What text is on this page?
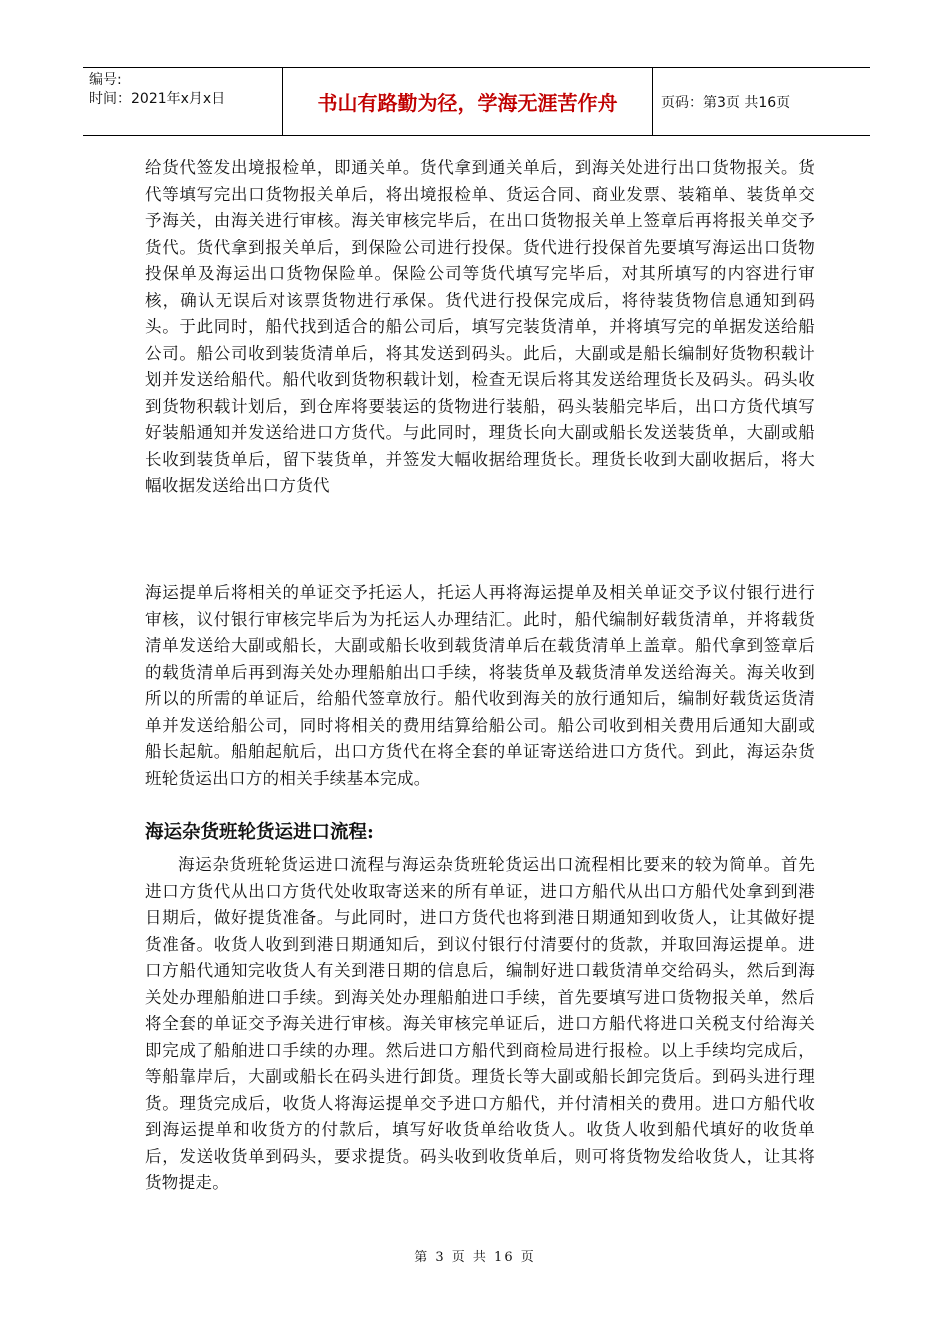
编号:
时间：2021年x月x日	书山有路勤为径，学海无涯苦作舟	页码：第3页 共16页

给货代签发出境报检单，即通关单。货代拿到通关单后，到海关处进行出口货物报关。货代等填写完出口货物报关单后，将出境报检单、货运合同、商业发票、装箱单、装货单交予海关，由海关进行审核。海关审核完毕后，在出口货物报关单上签章后再将报关单交予货代。货代拿到报关单后，到保险公司进行投保。货代进行投保首先要填写海运出口货物投保单及海运出口货物保险单。保险公司等货代填写完毕后，对其所填写的内容进行审核，确认无误后对该票货物进行承保。货代进行投保完成后，将待装货物信息通知到码头。于此同时，船代找到适合的船公司后，填写完装货清单，并将填写完的单据发送给船公司。船公司收到装货清单后，将其发送到码头。此后，大副或是船长编制好货物积载计划并发送给船代。船代收到货物积载计划，检查无误后将其发送给理货长及码头。码头收到货物积载计划后，到仓库将要装运的货物进行装船，码头装船完毕后，出口方货代填写好装船通知并发送给进口方货代。与此同时，理货长向大副或船长发送装货单，大副或船长收到装货单后，留下装货单，并签发大幅收据给理货长。理货长收到大副收据后，将大幅收据发送给出口方货代

海运提单后将相关的单证交予托运人，托运人再将海运提单及相关单证交予议付银行进行审核，议付银行审核完毕后为为托运人办理结汇。此时，船代编制好载货清单，并将载货清单发送给大副或船长，大副或船长收到载货清单后在载货清单上盖章。船代拿到签章后的载货清单后再到海关处办理船舶出口手续，将装货单及载货清单发送给海关。海关收到所以的所需的单证后，给船代签章放行。船代收到海关的放行通知后，编制好载货运货清单并发送给船公司，同时将相关的费用结算给船公司。船公司收到相关费用后通知大副或船长起航。船舶起航后，出口方货代在将全套的单证寄送给进口方货代。到此，海运杂货班轮货运出口方的相关手续基本完成。

海运杂货班轮货运进口流程:

海运杂货班轮货运进口流程与海运杂货班轮货运出口流程相比要来的较为简单。首先进口方货代从出口方货代处收取寄送来的所有单证，进口方船代从出口方船代处拿到到港日期后，做好提货准备。与此同时，进口方货代也将到港日期通知到收货人，让其做好提货准备。收货人收到到港日期通知后，到议付银行付清要付的货款，并取回海运提单。进口方船代通知完收货人有关到港日期的信息后，编制好进口载货清单交给码头，然后到海关处办理船舶进口手续。到海关处办理船舶进口手续，首先要填写进口货物报关单，然后将全套的单证交予海关进行审核。海关审核完单证后，进口方船代将进口关税支付给海关即完成了船舶进口手续的办理。然后进口方船代到商检局进行报检。以上手续均完成后，等船靠岸后，大副或船长在码头进行卸货。理货长等大副或船长卸完货后。到码头进行理货。理货完成后，收货人将海运提单交予进口方船代，并付清相关的费用。进口方船代收到海运提单和收货方的付款后，填写好收货单给收货人。收货人收到船代填好的收货单后，发送收货单到码头，要求提货。码头收到收货单后，则可将货物发给收货人，让其将货物提走。

第 3 页 共 16 页
